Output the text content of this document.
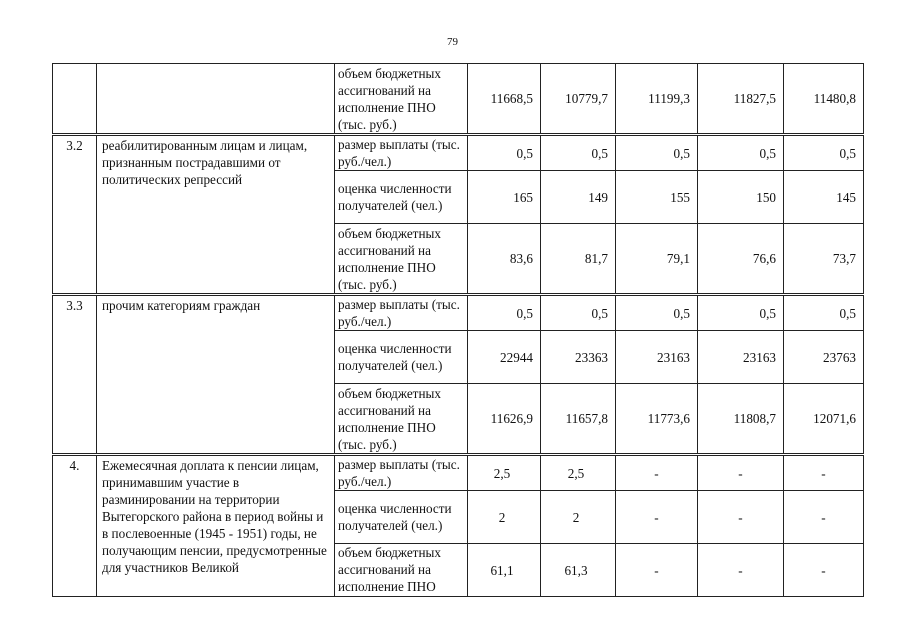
79
		объем бюджетных ассигнований на исполнение ПНО (тыс. руб.)	11668,5	10779,7	11199,3	11827,5	11480,8
3.2	реабилитированным лицам и лицам, признанным пострадавшими от политических репрессий	размер выплаты (тыс. руб./чел.)	0,5	0,5	0,5	0,5	0,5
		оценка численности получателей (чел.)	165	149	155	150	145
		объем бюджетных ассигнований на исполнение ПНО (тыс. руб.)	83,6	81,7	79,1	76,6	73,7
3.3	прочим категориям граждан	размер выплаты (тыс. руб./чел.)	0,5	0,5	0,5	0,5	0,5
		оценка численности получателей (чел.)	22944	23363	23163	23163	23763
		объем бюджетных ассигнований на исполнение ПНО (тыс. руб.)	11626,9	11657,8	11773,6	11808,7	12071,6
4.	Ежемесячная доплата к пенсии лицам, принимавшим участие в разминировании на территории Вытегорского района в период войны и в послевоенные (1945 - 1951) годы, не получающим пенсии, предусмотренные для участников Великой	размер выплаты (тыс. руб./чел.)	2,5	2,5	-	-	-
		оценка численности получателей (чел.)	2	2	-	-	-
		объем бюджетных ассигнований на исполнение ПНО	61,1	61,3	-	-	-
